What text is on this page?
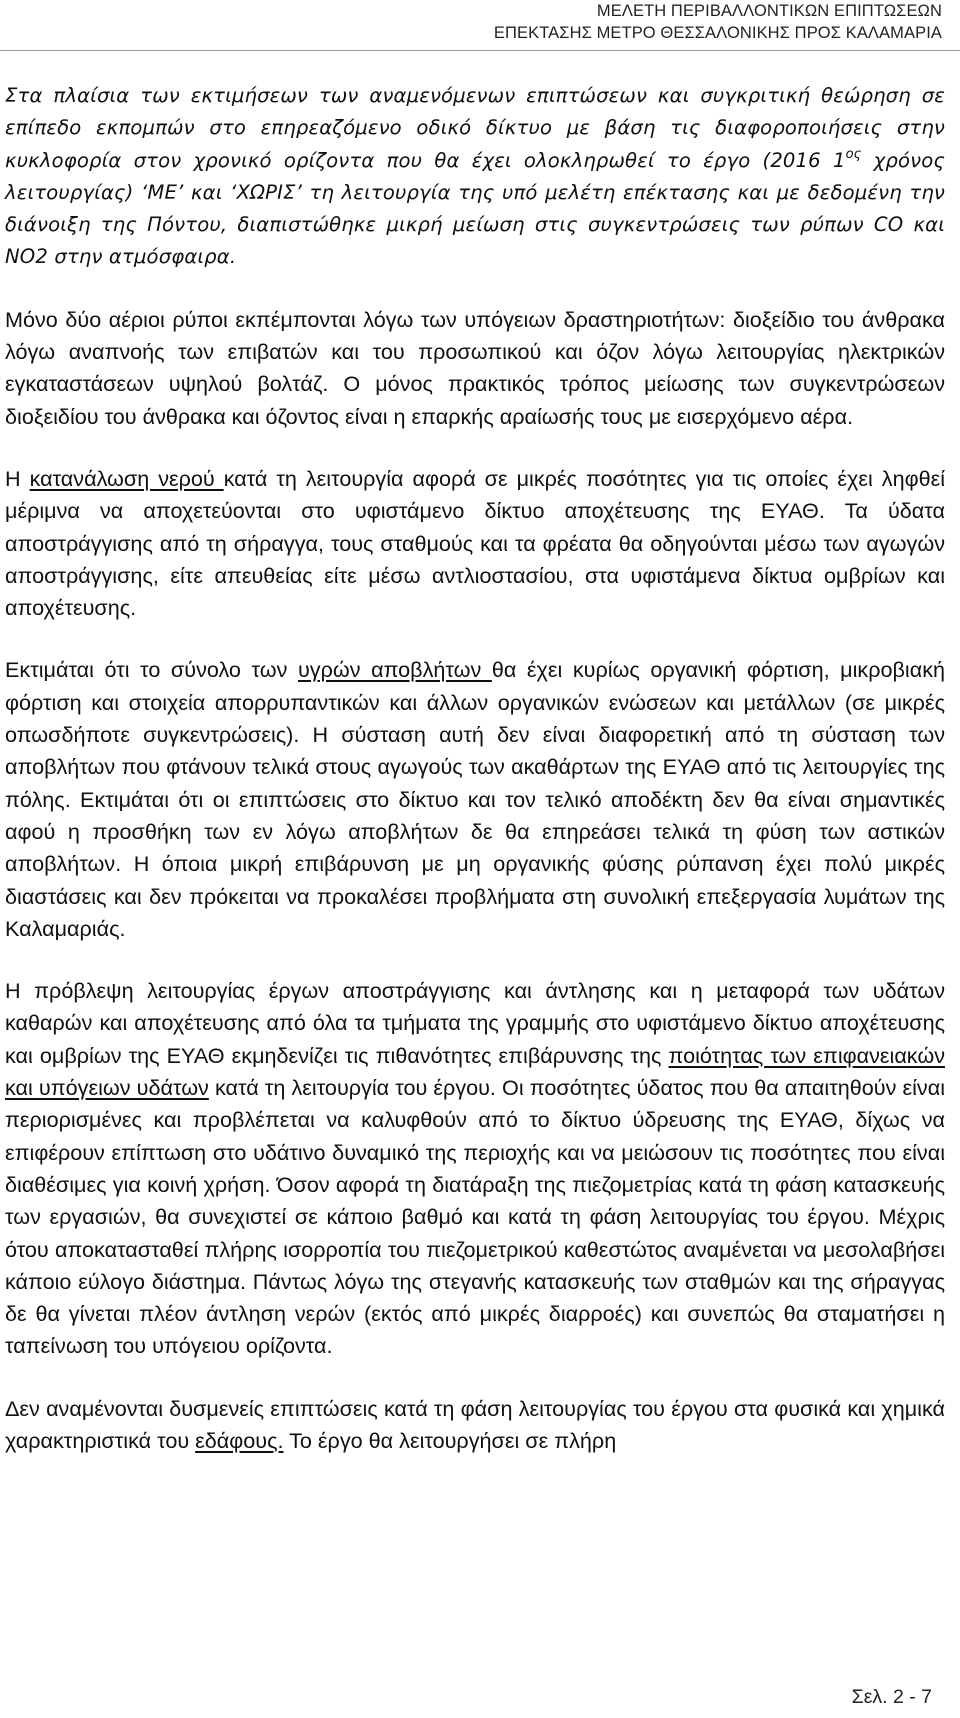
ΜΕΛΕΤΗ ΠΕΡΙΒΑΛΛΟΝΤΙΚΩΝ ΕΠΙΠΤΩΣΕΩΝ
ΕΠΕΚΤΑΣΗΣ ΜΕΤΡΟ ΘΕΣΣΑΛΟΝΙΚΗΣ ΠΡΟΣ ΚΑΛΑΜΑΡΙΑ

Στα πλαίσια των εκτιμήσεων των αναμενόμενων επιπτώσεων και συγκριτική θεώρηση σε επίπεδο εκπομπών στο επηρεαζόμενο οδικό δίκτυο με βάση τις διαφοροποιήσεις στην κυκλοφορία στον χρονικό ορίζοντα που θα έχει ολοκληρωθεί το έργο (2016 $1^{o\varsigma}$ χρόνος λειτουργίας) ‘ΜΕ’ και ‘ΧΩΡΙΣ’ τη λειτουργία της υπό μελέτη επέκτασης και με δεδομένη την διάνοιξη της Πόντου, διαπιστώθηκε μικρή μείωση στις συγκεντρώσεις των ρύπων CO και NO2 στην ατμόσφαιρα.

Μόνο δύο αέριοι ρύποι εκπέμπονται λόγω των υπόγειων δραστηριοτήτων: διοξείδιο του άνθρακα λόγω αναπνοής των επιβατών και του προσωπικού και όζον λόγω λειτουργίας ηλεκτρικών εγκαταστάσεων υψηλού βολτάζ. Ο μόνος πρακτικός τρόπος μείωσης των συγκεντρώσεων διοξειδίου του άνθρακα και όζοντος είναι η επαρκής αραίωσής τους με εισερχόμενο αέρα.

Η κατανάλωση νερού κατά τη λειτουργία αφορά σε μικρές ποσότητες για τις οποίες έχει ληφθεί μέριμνα να αποχετεύονται στο υφιστάμενο δίκτυο αποχέτευσης της ΕΥΑΘ. Τα ύδατα αποστράγγισης από τη σήραγγα, τους σταθμούς και τα φρέατα θα οδηγούνται μέσω των αγωγών αποστράγγισης, είτε απευθείας είτε μέσω αντλιοστασίου, στα υφιστάμενα δίκτυα ομβρίων και αποχέτευσης.

Εκτιμάται ότι το σύνολο των υγρών αποβλήτων θα έχει κυρίως οργανική φόρτιση, μικροβιακή φόρτιση και στοιχεία απορρυπαντικών και άλλων οργανικών ενώσεων και μετάλλων (σε μικρές οπωσδήποτε συγκεντρώσεις). Η σύσταση αυτή δεν είναι διαφορετική από τη σύσταση των αποβλήτων που φτάνουν τελικά στους αγωγούς των ακαθάρτων της ΕΥΑΘ από τις λειτουργίες της πόλης. Εκτιμάται ότι οι επιπτώσεις στο δίκτυο και τον τελικό αποδέκτη δεν θα είναι σημαντικές αφού η προσθήκη των εν λόγω αποβλήτων δε θα επηρεάσει τελικά τη φύση των αστικών αποβλήτων. Η όποια μικρή επιβάρυνση με μη οργανικής φύσης ρύπανση έχει πολύ μικρές διαστάσεις και δεν πρόκειται να προκαλέσει προβλήματα στη συνολική επεξεργασία λυμάτων της Καλαμαριάς.

Η πρόβλεψη λειτουργίας έργων αποστράγγισης και άντλησης και η μεταφορά των υδάτων καθαρών και αποχέτευσης από όλα τα τμήματα της γραμμής στο υφιστάμενο δίκτυο αποχέτευσης και ομβρίων της ΕΥΑΘ εκμηδενίζει τις πιθανότητες επιβάρυνσης της ποιότητας των επιφανειακών και υπόγειων υδάτων κατά τη λειτουργία του έργου. Οι ποσότητες ύδατος που θα απαιτηθούν είναι περιορισμένες και προβλέπεται να καλυφθούν από το δίκτυο ύδρευσης της ΕΥΑΘ, δίχως να επιφέρουν επίπτωση στο υδάτινο δυναμικό της περιοχής και να μειώσουν τις ποσότητες που είναι διαθέσιμες για κοινή χρήση. Όσον αφορά τη διατάραξη της πιεζομετρίας κατά τη φάση κατασκευής των εργασιών, θα συνεχιστεί σε κάποιο βαθμό και κατά τη φάση λειτουργίας του έργου. Μέχρις ότου αποκατασταθεί πλήρης ισορροπία του πιεζομετρικού καθεστώτος αναμένεται να μεσολαβήσει κάποιο εύλογο διάστημα. Πάντως λόγω της στεγανής κατασκευής των σταθμών και της σήραγγας δε θα γίνεται πλέον άντληση νερών (εκτός από μικρές διαρροές) και συνεπώς θα σταματήσει η ταπείνωση του υπόγειου ορίζοντα.

Δεν αναμένονται δυσμενείς επιπτώσεις κατά τη φάση λειτουργίας του έργου στα φυσικά και χημικά χαρακτηριστικά του εδάφους. Το έργο θα λειτουργήσει σε πλήρη

Σελ. 2 - 7
